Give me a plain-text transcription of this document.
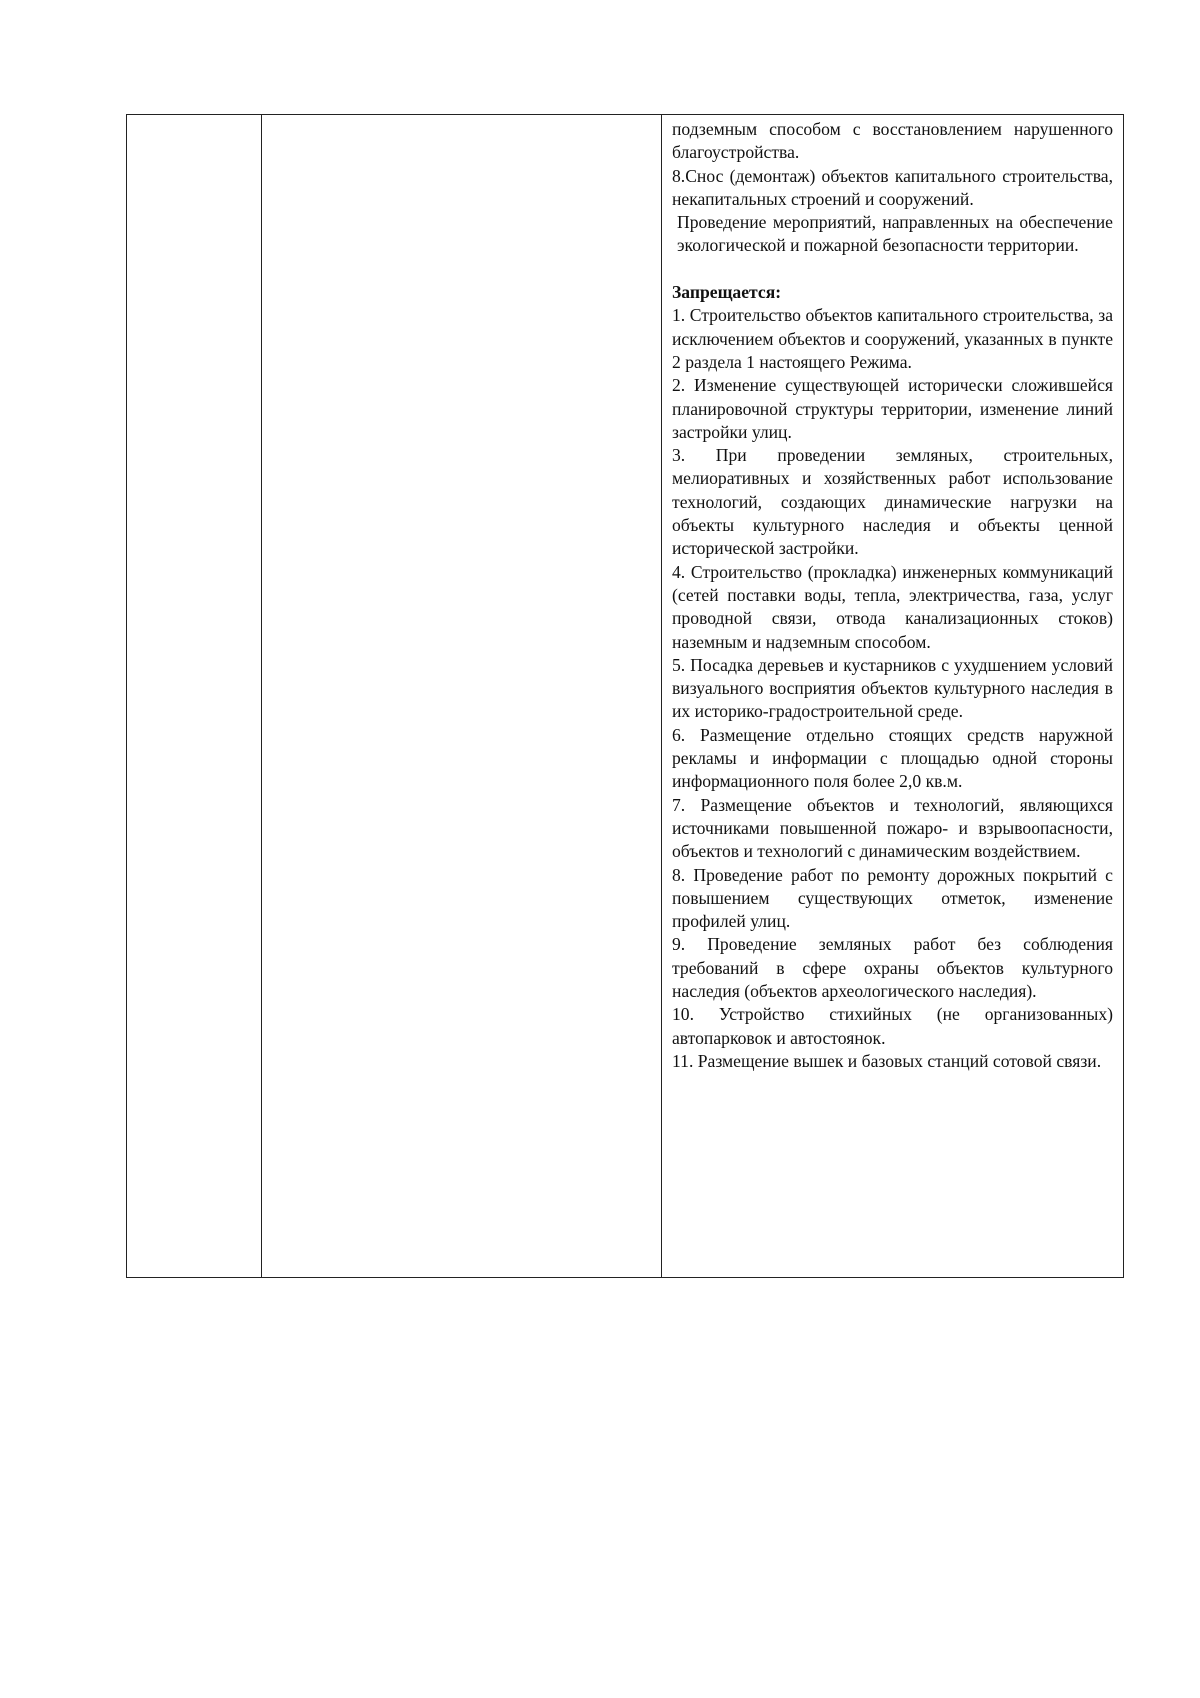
подземным способом с восстановлением нарушенного благоустройства.

8.Снос (демонтаж) объектов капитального строительства, некапитальных строений и сооружений.

Проведение мероприятий, направленных на обеспечение экологической и пожарной безопасности территории.

Запрещается:

1. Строительство объектов капитального строительства, за исключением объектов и сооружений, указанных в пункте 2 раздела 1 настоящего Режима.

2. Изменение существующей исторически сложившейся планировочной структуры территории, изменение линий застройки улиц.

3. При проведении земляных, строительных, мелиоративных и хозяйственных работ использование технологий, создающих динамические нагрузки на объекты культурного наследия и объекты ценной исторической застройки.

4. Строительство (прокладка) инженерных коммуникаций (сетей поставки воды, тепла, электричества, газа, услуг проводной связи, отвода канализационных стоков) наземным и надземным способом.

5. Посадка деревьев и кустарников с ухудшением условий визуального восприятия объектов культурного наследия в их историко-градостроительной среде.

6. Размещение отдельно стоящих средств наружной рекламы и информации с площадью одной стороны информационного поля более 2,0 кв.м.

7. Размещение объектов и технологий, являющихся источниками повышенной пожаро- и взрывоопасности, объектов и технологий с динамическим воздействием.

8. Проведение работ по ремонту дорожных покрытий с повышением существующих отметок, изменение профилей улиц.

9. Проведение земляных работ без соблюдения требований в сфере охраны объектов культурного наследия (объектов археологического наследия).

10. Устройство стихийных (не организованных) автопарковок и автостоянок.

11. Размещение вышек и базовых станций сотовой связи.
